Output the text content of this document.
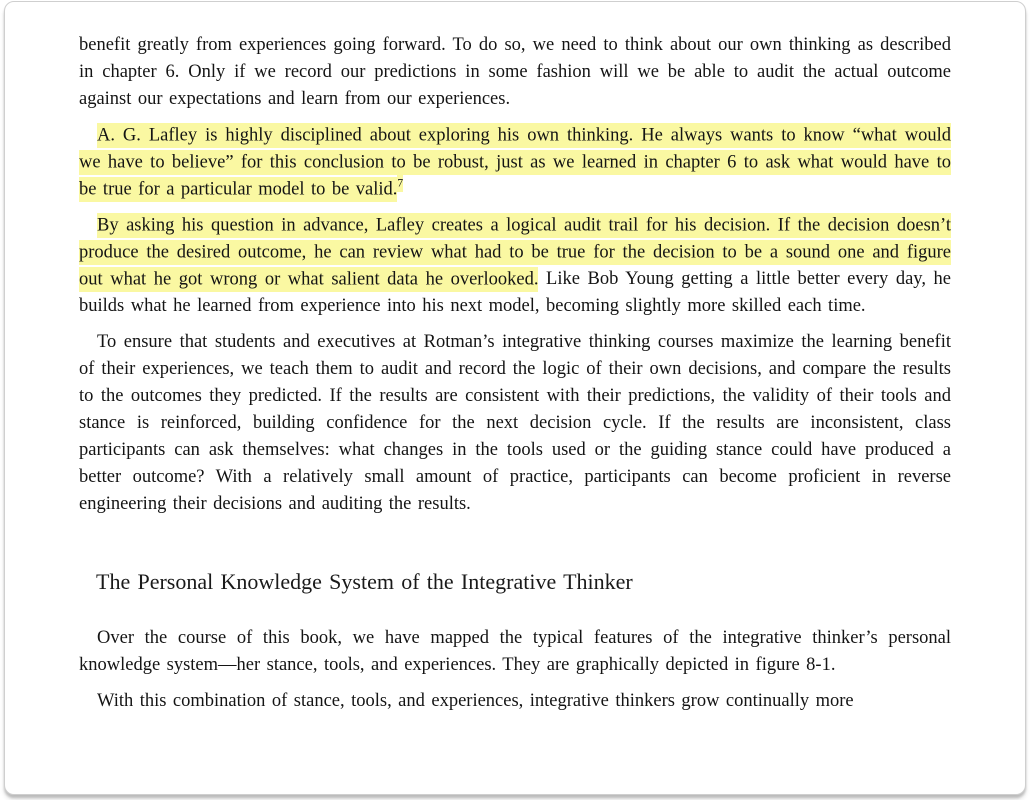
benefit greatly from experiences going forward. To do so, we need to think about our own thinking as described in chapter 6. Only if we record our predictions in some fashion will we be able to audit the actual outcome against our expectations and learn from our experiences.

A. G. Lafley is highly disciplined about exploring his own thinking. He always wants to know “what would we have to believe” for this conclusion to be robust, just as we learned in chapter 6 to ask what would have to be true for a particular model to be valid.$^7$

By asking his question in advance, Lafley creates a logical audit trail for his decision. If the decision doesn’t produce the desired outcome, he can review what had to be true for the decision to be a sound one and figure out what he got wrong or what salient data he overlooked. Like Bob Young getting a little better every day, he builds what he learned from experience into his next model, becoming slightly more skilled each time.

To ensure that students and executives at Rotman’s integrative thinking courses maximize the learning benefit of their experiences, we teach them to audit and record the logic of their own decisions, and compare the results to the outcomes they predicted. If the results are consistent with their predictions, the validity of their tools and stance is reinforced, building confidence for the next decision cycle. If the results are inconsistent, class participants can ask themselves: what changes in the tools used or the guiding stance could have produced a better outcome? With a relatively small amount of practice, participants can become proficient in reverse engineering their decisions and auditing the results.

The Personal Knowledge System of the Integrative Thinker

Over the course of this book, we have mapped the typical features of the integrative thinker’s personal knowledge system—her stance, tools, and experiences. They are graphically depicted in figure 8-1.

With this combination of stance, tools, and experiences, integrative thinkers grow continually more
